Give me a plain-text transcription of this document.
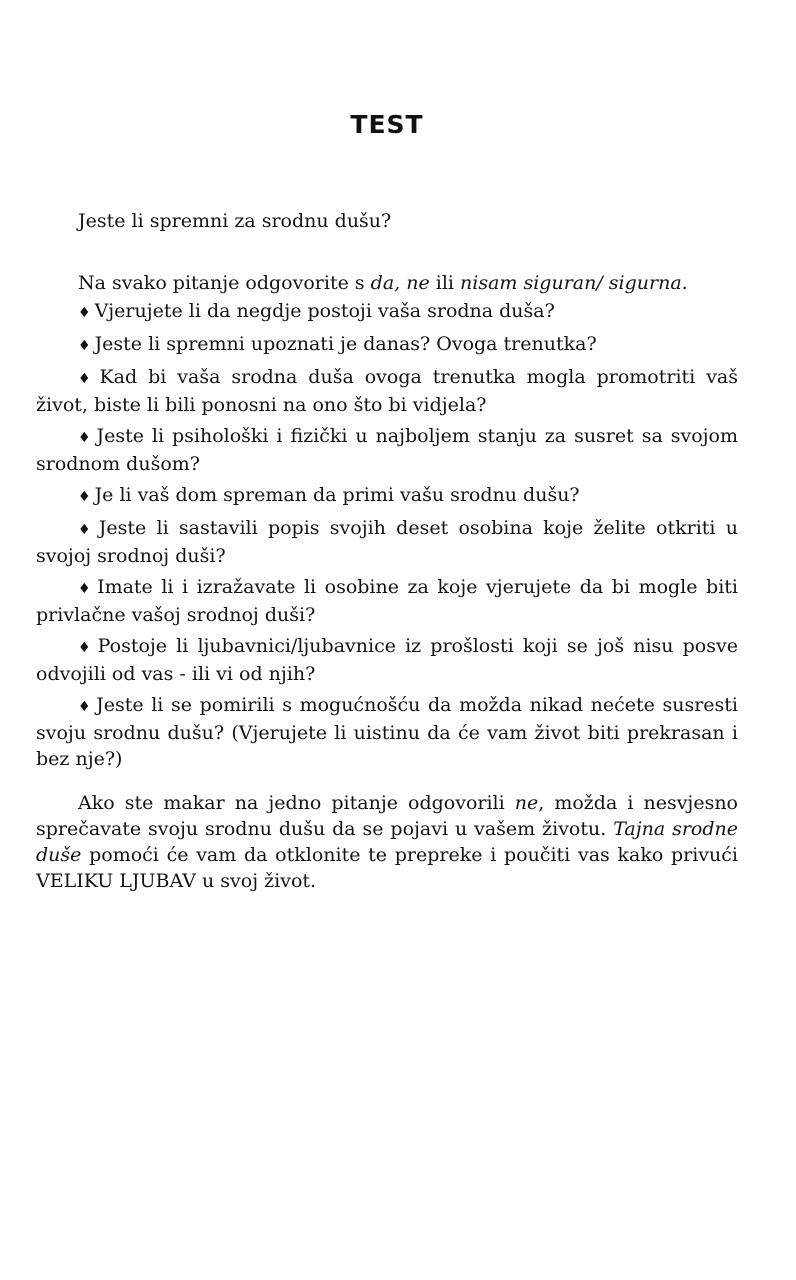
TEST

Jeste li spremni za srodnu dušu?

Na svako pitanje odgovorite s da, ne ili nisam siguran/ sigurna.

♦ Vjerujete li da negdje postoji vaša srodna duša?
♦ Jeste li spremni upoznati je danas? Ovoga trenutka?
♦ Kad bi vaša srodna duša ovoga trenutka mogla promotriti vaš život, biste li bili ponosni na ono što bi vidjela?
♦ Jeste li psihološki i fizički u najboljem stanju za susret sa svojom srodnom dušom?
♦ Je li vaš dom spreman da primi vašu srodnu dušu?
♦ Jeste li sastavili popis svojih deset osobina koje želite otkriti u svojoj srodnoj duši?
♦ Imate li i izražavate li osobine za koje vjerujete da bi mogle biti privlačne vašoj srodnoj duši?
♦ Postoje li ljubavnici/ljubavnice iz prošlosti koji se još nisu posve odvojili od vas - ili vi od njih?
♦ Jeste li se pomirili s mogućnošću da možda nikad nećete susresti svoju srodnu dušu? (Vjerujete li uistinu da će vam život biti prekrasan i bez nje?)

Ako ste makar na jedno pitanje odgovorili ne, možda i nesvjesno sprečavate svoju srodnu dušu da se pojavi u vašem životu. Tajna srodne duše pomoći će vam da otklonite te prepreke i poučiti vas kako privući VELIKU LJUBAV u svoj život.
